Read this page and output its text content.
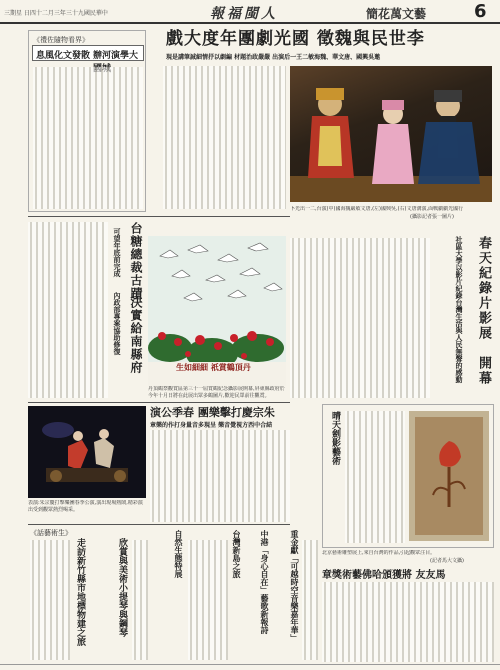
三期星 日四十二月三年三十九國民華中	報福閩人	簡花萬文藝	6
《禮佐隨物看界》
息風化文發散 辦河演學大
戲大度年團劇光國 徵魏與民世李
現是講筆誠細情抒以劇編 材題治政嚴嚴 出演后一王二敏海魏、華文唐、國興吳邀
卜光出一二,台演(中)國海魏嚴敏文唐,(左)國興吳,(右)文唐溝演,面戰劇劇光國行
(攝影記者張一圖片)
春天紀錄片影展
開幕
社區大學以影片紀錄台灣生活與人民無聲的感動
台糖總裁古蹟
決實給南縣府
可望年底前完成
內政部專案協助修復
生如細細 祇賞鶴頂丹
丹頂鶴祭觀賞區第三十一屆賞鶴紀念攝影展開幕,屏東縣政府於今年十月日將在此展出眾多鶴圖片,歡迎民眾前往觀賞。
演公季春 團樂擊打慶宗朱
章樂的作打身量音多現呈 樂音覺視方西中合結
表演:朱宗慶打擊樂團春季公演,演出現場熱鬧,精彩演出受到觀眾熱烈喝采。
晴天劍影藝術
北京藝術雕塑展上,來自台灣的作品,引起觀眾注目。
(記者馬大文攝)
《話藝術生》
走訪新竹縣市地標物建之旅	欣賞與美術小提琴與鋼琴	台灣新島之旅
自然生態特展	中港「身心自在」藝歌新報詩	重金獻「可越時空音樂嘉年華」 章獎術藝佛哈頒獲將 友友馬
